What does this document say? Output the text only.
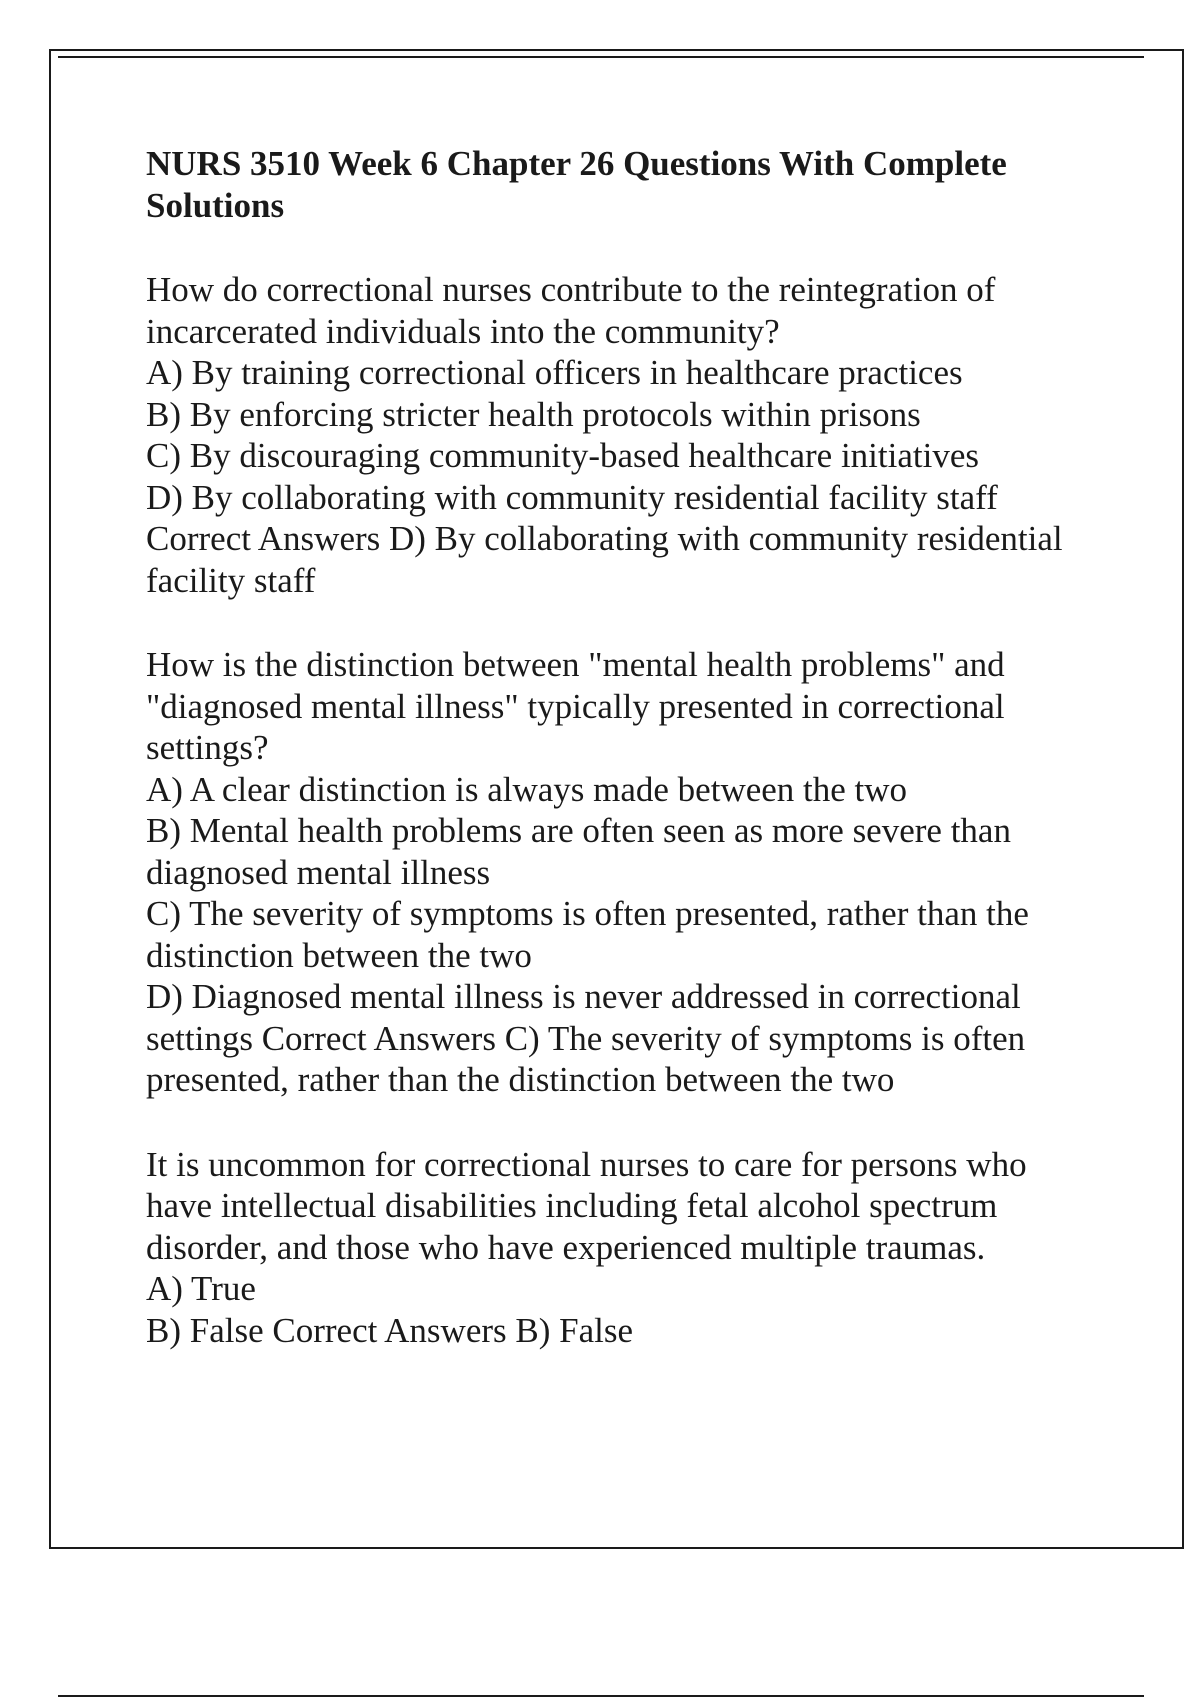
NURS 3510 Week 6 Chapter 26 Questions With Complete Solutions
How do correctional nurses contribute to the reintegration of incarcerated individuals into the community?
A) By training correctional officers in healthcare practices
B) By enforcing stricter health protocols within prisons
C) By discouraging community-based healthcare initiatives
D) By collaborating with community residential facility staff
Correct Answers D) By collaborating with community residential facility staff
How is the distinction between "mental health problems" and "diagnosed mental illness" typically presented in correctional settings?
A) A clear distinction is always made between the two
B) Mental health problems are often seen as more severe than diagnosed mental illness
C) The severity of symptoms is often presented, rather than the distinction between the two
D) Diagnosed mental illness is never addressed in correctional settings Correct Answers C) The severity of symptoms is often presented, rather than the distinction between the two
It is uncommon for correctional nurses to care for persons who have intellectual disabilities including fetal alcohol spectrum disorder, and those who have experienced multiple traumas.
A) True
B) False Correct Answers B) False
